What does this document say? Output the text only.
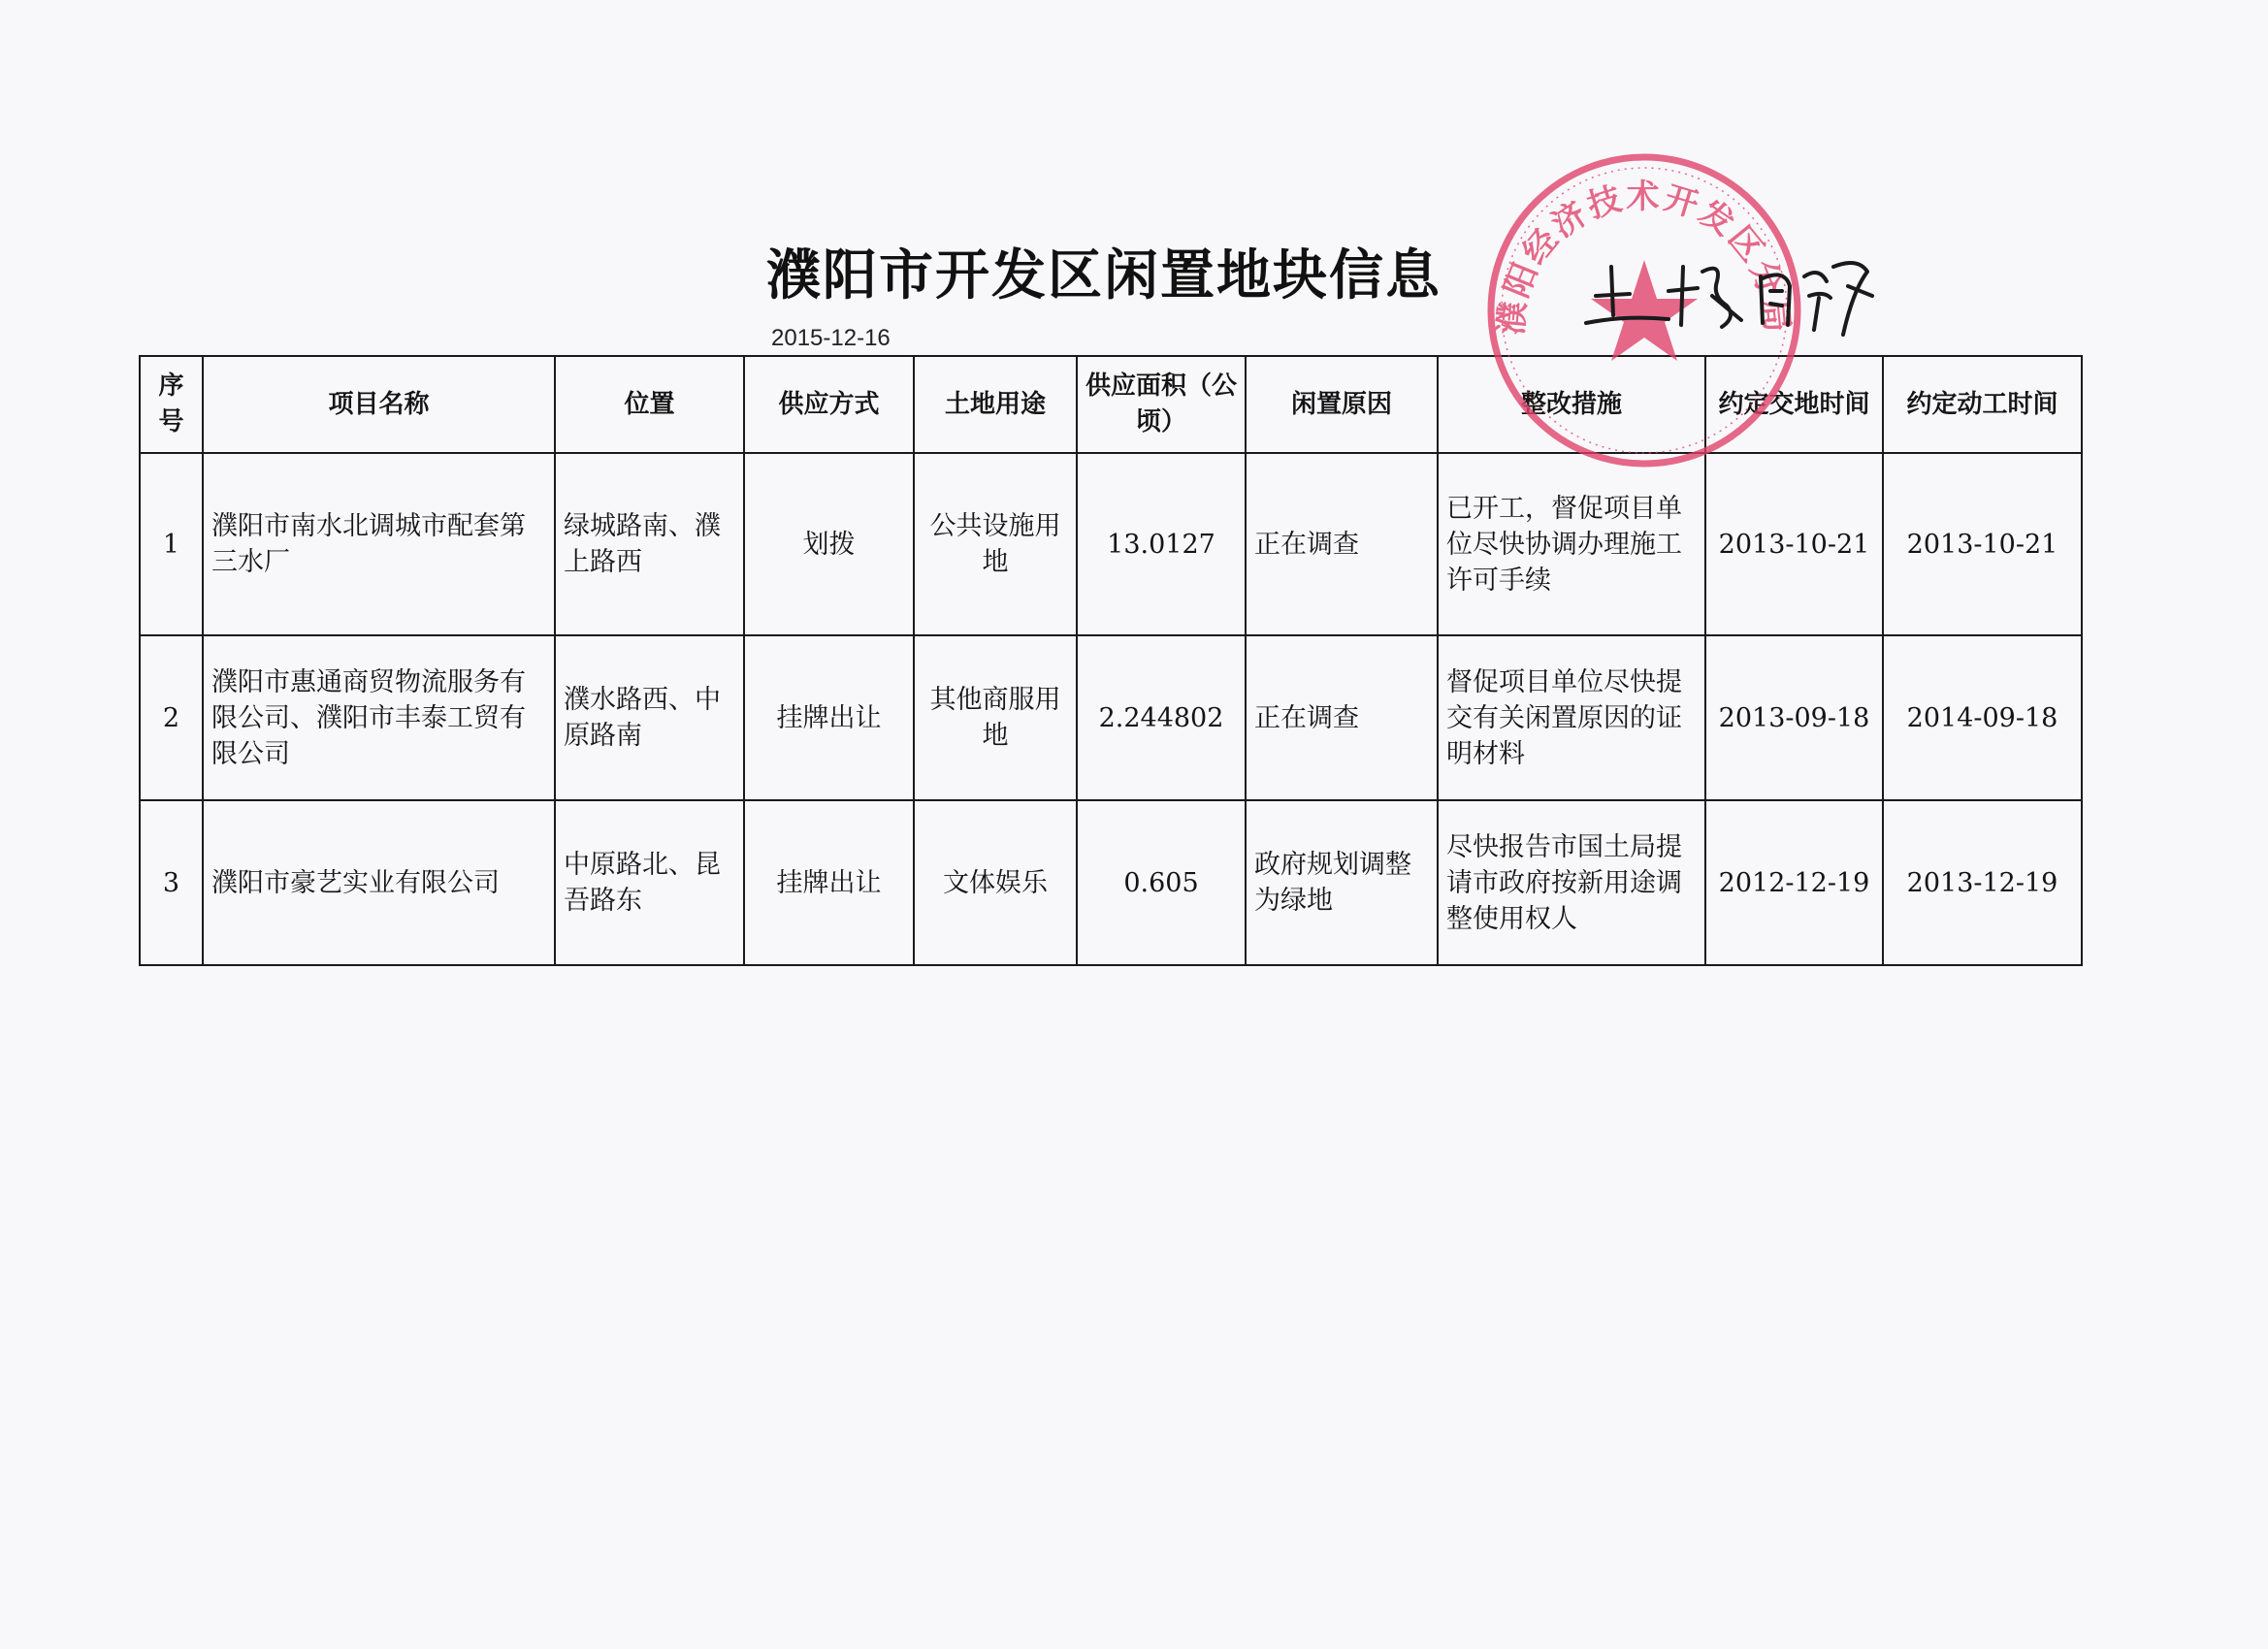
濮阳市开发区闲置地块信息
2015-12-16
序号	项目名称	位置	供应方式	土地用途	供应面积（公顷）	闲置原因	整改措施	约定交地时间	约定动工时间
1	濮阳市南水北调城市配套第三水厂	绿城路南、濮上路西	划拨	公共设施用地	13.0127	正在调查	已开工，督促项目单位尽快协调办理施工许可手续	2013-10-21	2013-10-21
2	濮阳市惠通商贸物流服务有限公司、濮阳市丰泰工贸有限公司	濮水路西、中原路南	挂牌出让	其他商服用地	2.244802	正在调查	督促项目单位尽快提交有关闲置原因的证明材料	2013-09-18	2014-09-18
3	濮阳市豪艺实业有限公司	中原路北、昆吾路东	挂牌出让	文体娱乐	0.605	政府规划调整为绿地	尽快报告市国土局提请市政府按新用途调整使用权人	2012-12-19	2013-12-19
濮阳经济技术开发区分局
